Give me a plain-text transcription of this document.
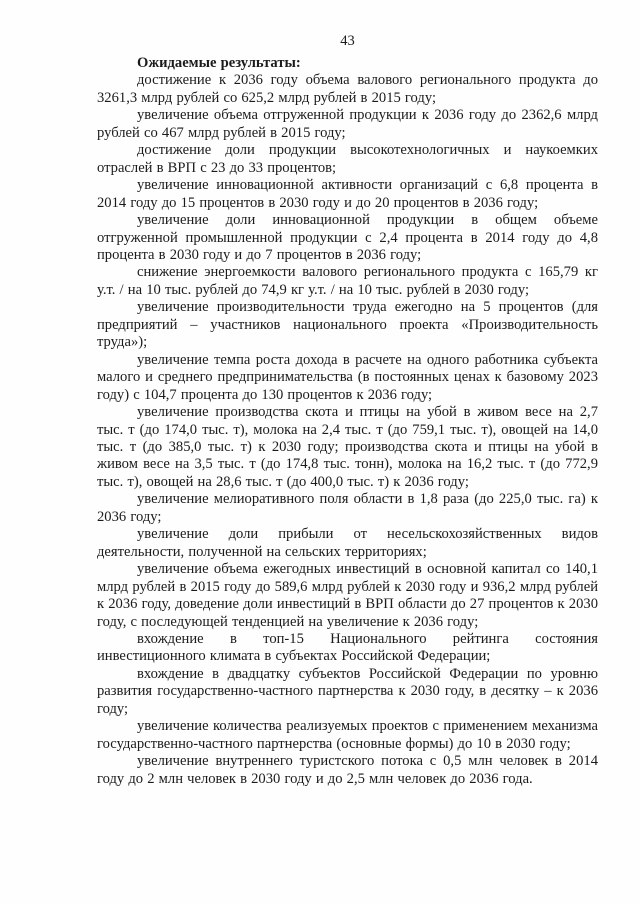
43

Ожидаемые результаты:

достижение к 2036 году объема валового регионального продукта до 3261,3 млрд рублей со 625,2 млрд рублей в 2015 году;

увеличение объема отгруженной продукции к 2036 году до 2362,6 млрд рублей со 467 млрд рублей в 2015 году;

достижение доли продукции высокотехнологичных и наукоемких отраслей в ВРП с 23 до 33 процентов;

увеличение инновационной активности организаций с 6,8 процента в 2014 году до 15 процентов в 2030 году и до 20 процентов в 2036 году;

увеличение доли инновационной продукции в общем объеме отгруженной промышленной продукции с 2,4 процента в 2014 году до 4,8 процента в 2030 году и до 7 процентов в 2036 году;

снижение энергоемкости валового регионального продукта с 165,79 кг у.т. / на 10 тыс. рублей до 74,9 кг у.т. / на 10 тыс. рублей в 2030 году;

увеличение производительности труда ежегодно на 5 процентов (для предприятий – участников национального проекта «Производительность труда»);

увеличение темпа роста дохода в расчете на одного работника субъекта малого и среднего предпринимательства (в постоянных ценах к базовому 2023 году) с 104,7 процента до 130 процентов к 2036 году;

увеличение производства скота и птицы на убой в живом весе на 2,7 тыс. т (до 174,0 тыс. т), молока на 2,4 тыс. т (до 759,1 тыс. т), овощей на 14,0 тыс. т (до 385,0 тыс. т) к 2030 году; производства скота и птицы на убой в живом весе на 3,5 тыс. т (до 174,8 тыс. тонн), молока на 16,2 тыс. т (до 772,9 тыс. т), овощей на 28,6 тыс. т (до 400,0 тыс. т) к 2036 году;

увеличение мелиоративного поля области в 1,8 раза (до 225,0 тыс. га) к 2036 году;

увеличение доли прибыли от несельскохозяйственных видов деятельности, полученной на сельских территориях;

увеличение объема ежегодных инвестиций в основной капитал со 140,1 млрд рублей в 2015 году до 589,6 млрд рублей к 2030 году и 936,2 млрд рублей к 2036 году, доведение доли инвестиций в ВРП области до 27 процентов к 2030 году, с последующей тенденцией на увеличение к 2036 году;

вхождение в топ-15 Национального рейтинга состояния инвестиционного климата в субъектах Российской Федерации;

вхождение в двадцатку субъектов Российской Федерации по уровню развития государственно-частного партнерства к 2030 году, в десятку – к 2036 году;

увеличение количества реализуемых проектов с применением механизма государственно-частного партнерства (основные формы) до 10 в 2030 году;

увеличение внутреннего туристского потока с 0,5 млн человек в 2014 году до 2 млн человек в 2030 году и до 2,5 млн человек до 2036 года.
